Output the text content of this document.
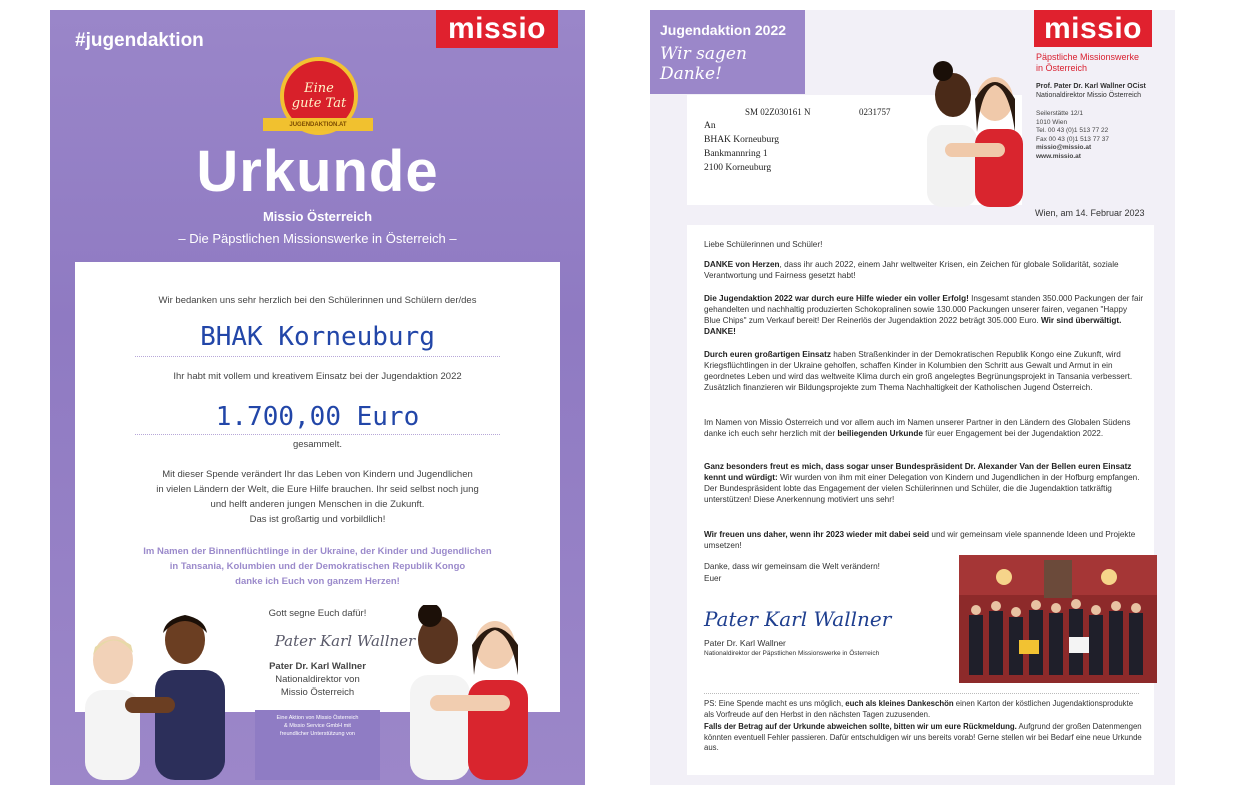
#jugendaktion	missio
Eine
gute Tat
JUGENDAKTION.AT
Urkunde
Missio Österreich
– Die Päpstlichen Missionswerke in Österreich –
Wir bedanken uns sehr herzlich bei den Schülerinnen und Schülern der/des
BHAK Korneuburg
Ihr habt mit vollem und kreativem Einsatz bei der Jugendaktion 2022
1.700,00 Euro
gesammelt.
Mit dieser Spende verändert Ihr das Leben von Kindern und Jugendlichen
in vielen Ländern der Welt, die Eure Hilfe brauchen. Ihr seid selbst noch jung
und helft anderen jungen Menschen in die Zukunft.
Das ist großartig und vorbildlich!
Im Namen der Binnenflüchtlinge in der Ukraine, der Kinder und Jugendlichen
in Tansania, Kolumbien und der Demokratischen Republik Kongo
danke ich Euch von ganzem Herzen!
Gott segne Euch dafür!
Pater Karl Wallner
Pater Dr. Karl Wallner
Nationaldirektor von
Missio Österreich
Eine Aktion von Missio Österreich
& Missio Service GmbH mit
freundlicher Unterstützung von
Jugendaktion 2022
Wir sagen Danke!
missio
Päpstliche Missionswerke
in Österreich
Prof. Pater Dr. Karl Wallner OCist
Nationaldirektor Missio Österreich
Seilerstätte 12/1
1010 Wien
Tel. 00 43 (0)1 513 77 22
Fax 00 43 (0)1 513 77 37
missio@missio.at
www.missio.at
SM 02Z030161 N	0231757
An
BHAK Korneuburg
Bankmannring 1
2100 Korneuburg
Wien, am 14. Februar 2023
Liebe Schülerinnen und Schüler!
DANKE von Herzen, dass ihr auch 2022, einem Jahr weltweiter Krisen, ein Zeichen für globale Solidarität, soziale Verantwortung und Fairness gesetzt habt!
Die Jugendaktion 2022 war durch eure Hilfe wieder ein voller Erfolg! Insgesamt standen 350.000 Packungen der fair gehandelten und nachhaltig produzierten Schokopralinen sowie 130.000 Packungen unserer fairen, veganen "Happy Blue Chips" zum Verkauf bereit! Der Reinerlös der Jugendaktion 2022 beträgt 305.000 Euro. Wir sind überwältigt. DANKE!
Durch euren großartigen Einsatz haben Straßenkinder in der Demokratischen Republik Kongo eine Zukunft, wird Kriegsflüchtlingen in der Ukraine geholfen, schaffen Kinder in Kolumbien den Schritt aus Gewalt und Armut in ein geordnetes Leben und wird das weltweite Klima durch ein groß angelegtes Begrünungsprojekt in Tansania verbessert. Zusätzlich finanzieren wir Bildungsprojekte zum Thema Nachhaltigkeit der Katholischen Jugend Österreich.
Im Namen von Missio Österreich und vor allem auch im Namen unserer Partner in den Ländern des Globalen Südens danke ich euch sehr herzlich mit der beiliegenden Urkunde für euer Engagement bei der Jugendaktion 2022.
Ganz besonders freut es mich, dass sogar unser Bundespräsident Dr. Alexander Van der Bellen euren Einsatz kennt und würdigt: Wir wurden von ihm mit einer Delegation von Kindern und Jugendlichen in der Hofburg empfangen. Der Bundespräsident lobte das Engagement der vielen Schülerinnen und Schüler, die die Jugendaktion tatkräftig unterstützen! Diese Anerkennung motiviert uns sehr!
Wir freuen uns daher, wenn ihr 2023 wieder mit dabei seid und wir gemeinsam viele spannende Ideen und Projekte umsetzen!
Danke, dass wir gemeinsam die Welt verändern!
Euer
Pater Karl Wallner
Pater Dr. Karl Wallner
Nationaldirektor der Päpstlichen Missionswerke in Österreich
PS: Eine Spende macht es uns möglich, euch als kleines Dankeschön einen Karton der köstlichen Jugendaktionsprodukte als Vorfreude auf den Herbst in den nächsten Tagen zuzusenden.
Falls der Betrag auf der Urkunde abweichen sollte, bitten wir um eure Rückmeldung. Aufgrund der großen Datenmengen könnten eventuell Fehler passieren. Dafür entschuldigen wir uns bereits vorab! Gerne stellen wir bei Bedarf eine neue Urkunde aus.
